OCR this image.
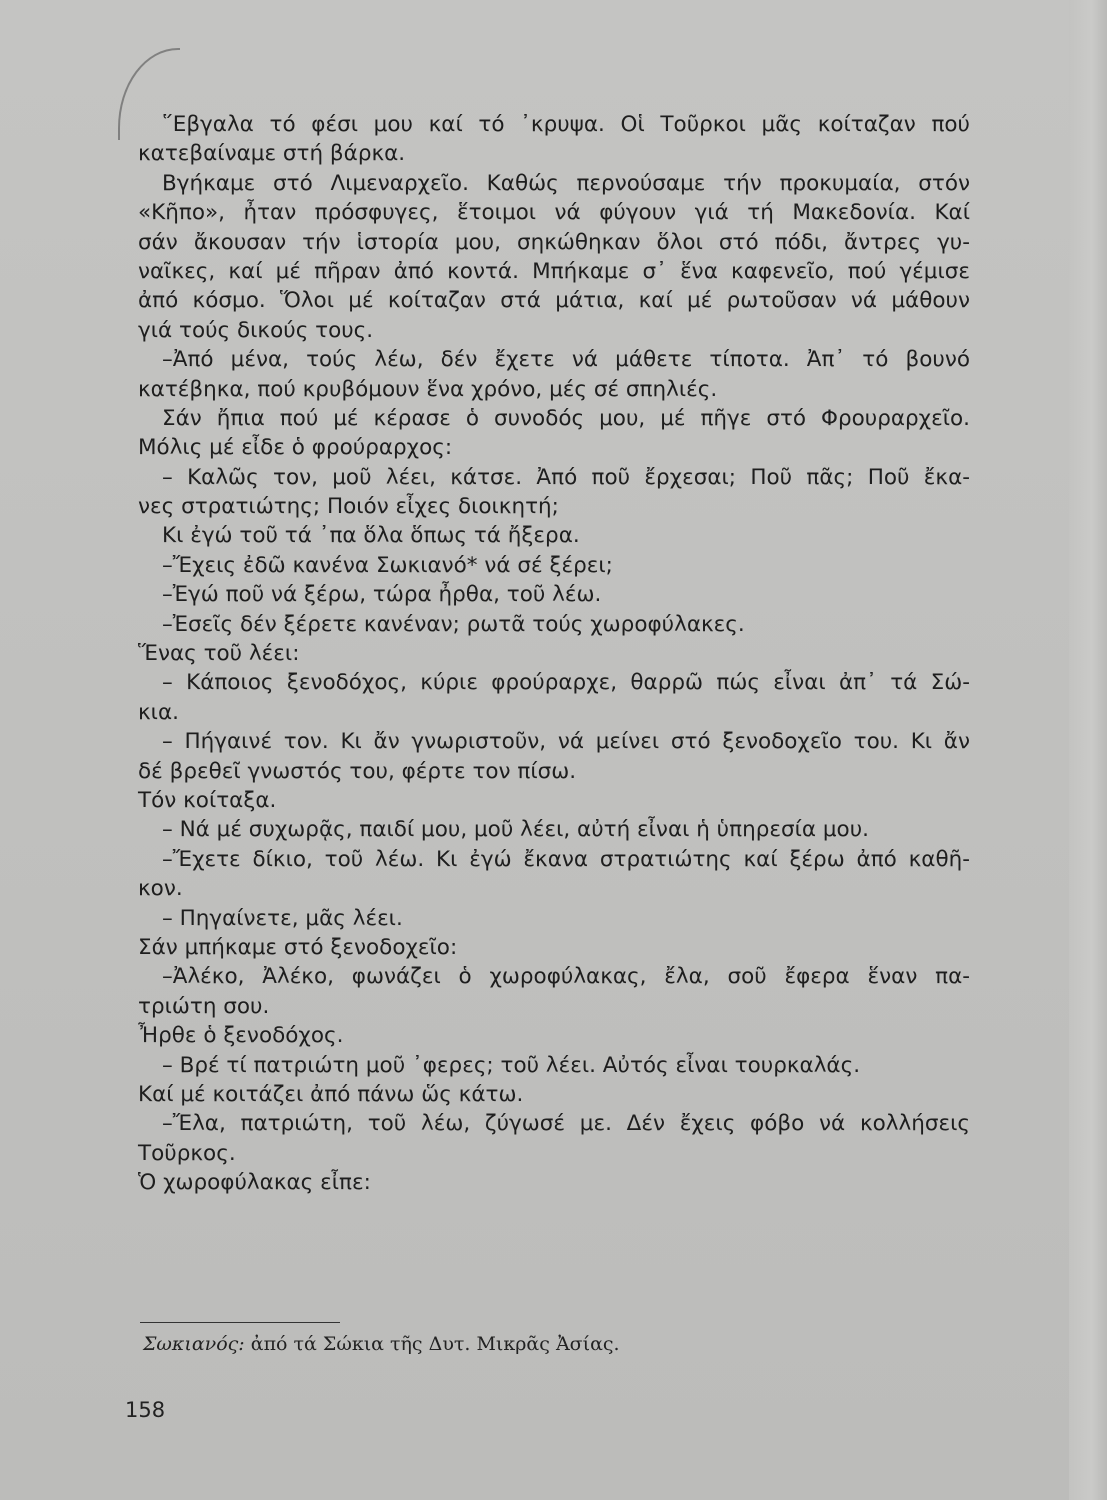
῞Εβγαλα τό φέσι μου καί τό ᾽κρυψα. Οἱ Τοῦρκοι μᾶς κοίταζαν πού
κατεβαίναμε στή βάρκα.
Βγήκαμε στό Λιμεναρχεῖο. Καθώς περνούσαμε τήν προκυμαία, στόν
«Κῆπο», ἦταν πρόσφυγες, ἕτοιμοι νά φύγουν γιά τή Μακεδονία. Καί
σάν ἄκουσαν τήν ἱστορία μου, σηκώθηκαν ὅλοι στό πόδι, ἄντρες γυ-
ναῖκες, καί μέ πῆραν ἀπό κοντά. Μπήκαμε σ᾽ ἕνα καφενεῖο, πού γέμισε
ἀπό κόσμο. Ὅλοι μέ κοίταζαν στά μάτια, καί μέ ρωτοῦσαν νά μάθουν
γιά τούς δικούς τους.
–Ἀπό μένα, τούς λέω, δέν ἔχετε νά μάθετε τίποτα. Ἀπ᾽ τό βουνό
κατέβηκα, πού κρυβόμουν ἕνα χρόνο, μές σέ σπηλιές.
Σάν ἤπια πού μέ κέρασε ὁ συνοδός μου, μέ πῆγε στό Φρουραρχεῖο.
Μόλις μέ εἶδε ὁ φρούραρχος:
– Καλῶς τον, μοῦ λέει, κάτσε. Ἀπό ποῦ ἔρχεσαι; Ποῦ πᾶς; Ποῦ ἔκα-
νες στρατιώτης; Ποιόν εἶχες διοικητή;
Κι ἐγώ τοῦ τά ᾽πα ὅλα ὅπως τά ἤξερα.
–Ἔχεις ἐδῶ κανένα Σωκιανό* νά σέ ξέρει;
–Ἐγώ ποῦ νά ξέρω, τώρα ἦρθα, τοῦ λέω.
–Ἐσεῖς δέν ξέρετε κανέναν; ρωτᾶ τούς χωροφύλακες.
Ἕνας τοῦ λέει:
– Κάποιος ξενοδόχος, κύριε φρούραρχε, θαρρῶ πώς εἶναι ἀπ᾽ τά Σώ-
κια.
– Πήγαινέ τον. Κι ἄν γνωριστοῦν, νά μείνει στό ξενοδοχεῖο του. Κι ἄν
δέ βρεθεῖ γνωστός του, φέρτε τον πίσω.
Τόν κοίταξα.
– Νά μέ συχωρᾷς, παιδί μου, μοῦ λέει, αὐτή εἶναι ἡ ὑπηρεσία μου.
–Ἔχετε δίκιο, τοῦ λέω. Κι ἐγώ ἔκανα στρατιώτης καί ξέρω ἀπό καθῆ-
κον.
– Πηγαίνετε, μᾶς λέει.
Σάν μπήκαμε στό ξενοδοχεῖο:
–Ἀλέκο, Ἀλέκο, φωνάζει ὁ χωροφύλακας, ἔλα, σοῦ ἔφερα ἕναν πα-
τριώτη σου.
Ἦρθε ὁ ξενοδόχος.
– Βρέ τί πατριώτη μοῦ ᾽φερες; τοῦ λέει. Αὐτός εἶναι τουρκαλάς.
Καί μέ κοιτάζει ἀπό πάνω ὥς κάτω.
–Ἔλα, πατριώτη, τοῦ λέω, ζύγωσέ με. Δέν ἔχεις φόβο νά κολλήσεις
Τοῦρκος.
Ὁ χωροφύλακας εἶπε:
Σωκιανός: ἀπό τά Σώκια τῆς Δυτ. Μικρᾶς Ἀσίας.
158
